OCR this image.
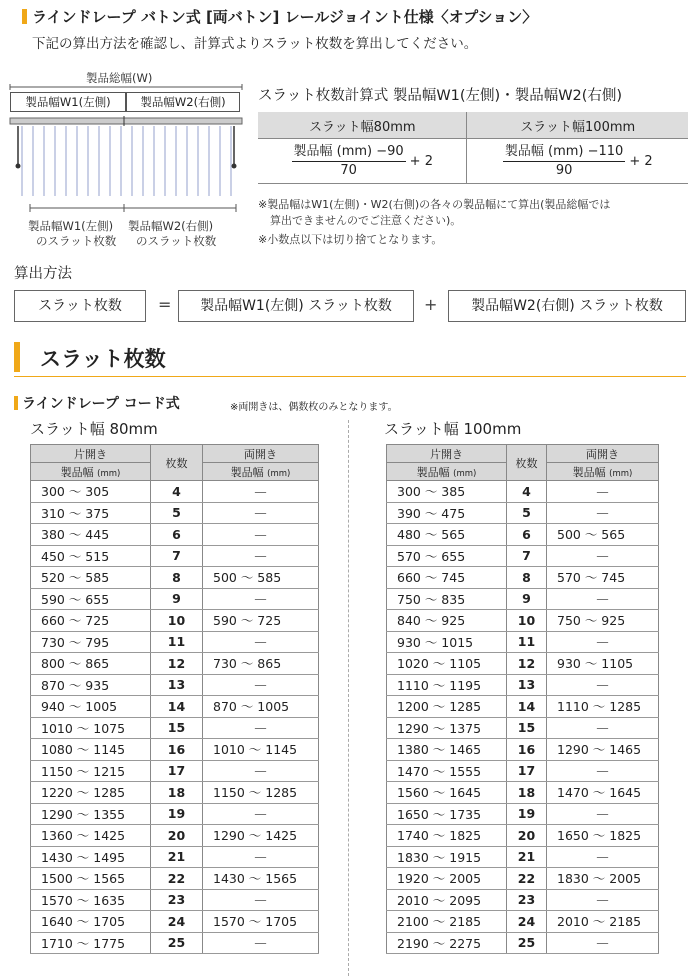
ラインドレープ バトン式 [両バトン] レールジョイント仕様〈オプション〉
下記の算出方法を確認し、計算式よりスラット枚数を算出してください。
製品総幅(W)
製品幅W1(左側)	製品幅W2(右側)
製品幅W1(左側)
のスラット枚数
製品幅W2(右側)
のスラット枚数
スラット枚数計算式 製品幅W1(左側)・製品幅W2(右側)
スラット幅80mm	スラット幅100mm

$\frac{\text{製品幅 (mm) −90}}{70} + 2$	$\frac{\text{製品幅 (mm) −110}}{90} + 2$
※製品幅はW1(左側)・W2(右側)の各々の製品幅にて算出(製品総幅では
算出できませんのでご注意ください)。
※小数点以下は切り捨てとなります。
算出方法
スラット枚数	=	製品幅W1(左側) スラット枚数	+	製品幅W2(右側) スラット枚数
スラット枚数
ラインドレープ コード式	※両開きは、偶数枚のみとなります。
スラット幅 80mm	スラット幅 100mm
片開き	枚数	両開き
製品幅 (mm)		製品幅 (mm)
300 ～ 305	4	—
310 ～ 375	5	—
380 ～ 445	6	—
450 ～ 515	7	—
520 ～ 585	8	500 ～ 585
590 ～ 655	9	—
660 ～ 725	10	590 ～ 725
730 ～ 795	11	—
800 ～ 865	12	730 ～ 865
870 ～ 935	13	—
940 ～ 1005	14	870 ～ 1005
1010 ～ 1075	15	—
1080 ～ 1145	16	1010 ～ 1145
1150 ～ 1215	17	—
1220 ～ 1285	18	1150 ～ 1285
1290 ～ 1355	19	—
1360 ～ 1425	20	1290 ～ 1425
1430 ～ 1495	21	—
1500 ～ 1565	22	1430 ～ 1565
1570 ～ 1635	23	—
1640 ～ 1705	24	1570 ～ 1705
1710 ～ 1775	25	—
片開き	枚数	両開き
製品幅 (mm)		製品幅 (mm)
300 ～ 385	4	—
390 ～ 475	5	—
480 ～ 565	6	500 ～ 565
570 ～ 655	7	—
660 ～ 745	8	570 ～ 745
750 ～ 835	9	—
840 ～ 925	10	750 ～ 925
930 ～ 1015	11	—
1020 ～ 1105	12	930 ～ 1105
1110 ～ 1195	13	—
1200 ～ 1285	14	1110 ～ 1285
1290 ～ 1375	15	—
1380 ～ 1465	16	1290 ～ 1465
1470 ～ 1555	17	—
1560 ～ 1645	18	1470 ～ 1645
1650 ～ 1735	19	—
1740 ～ 1825	20	1650 ～ 1825
1830 ～ 1915	21	—
1920 ～ 2005	22	1830 ～ 2005
2010 ～ 2095	23	—
2100 ～ 2185	24	2010 ～ 2185
2190 ～ 2275	25	—
